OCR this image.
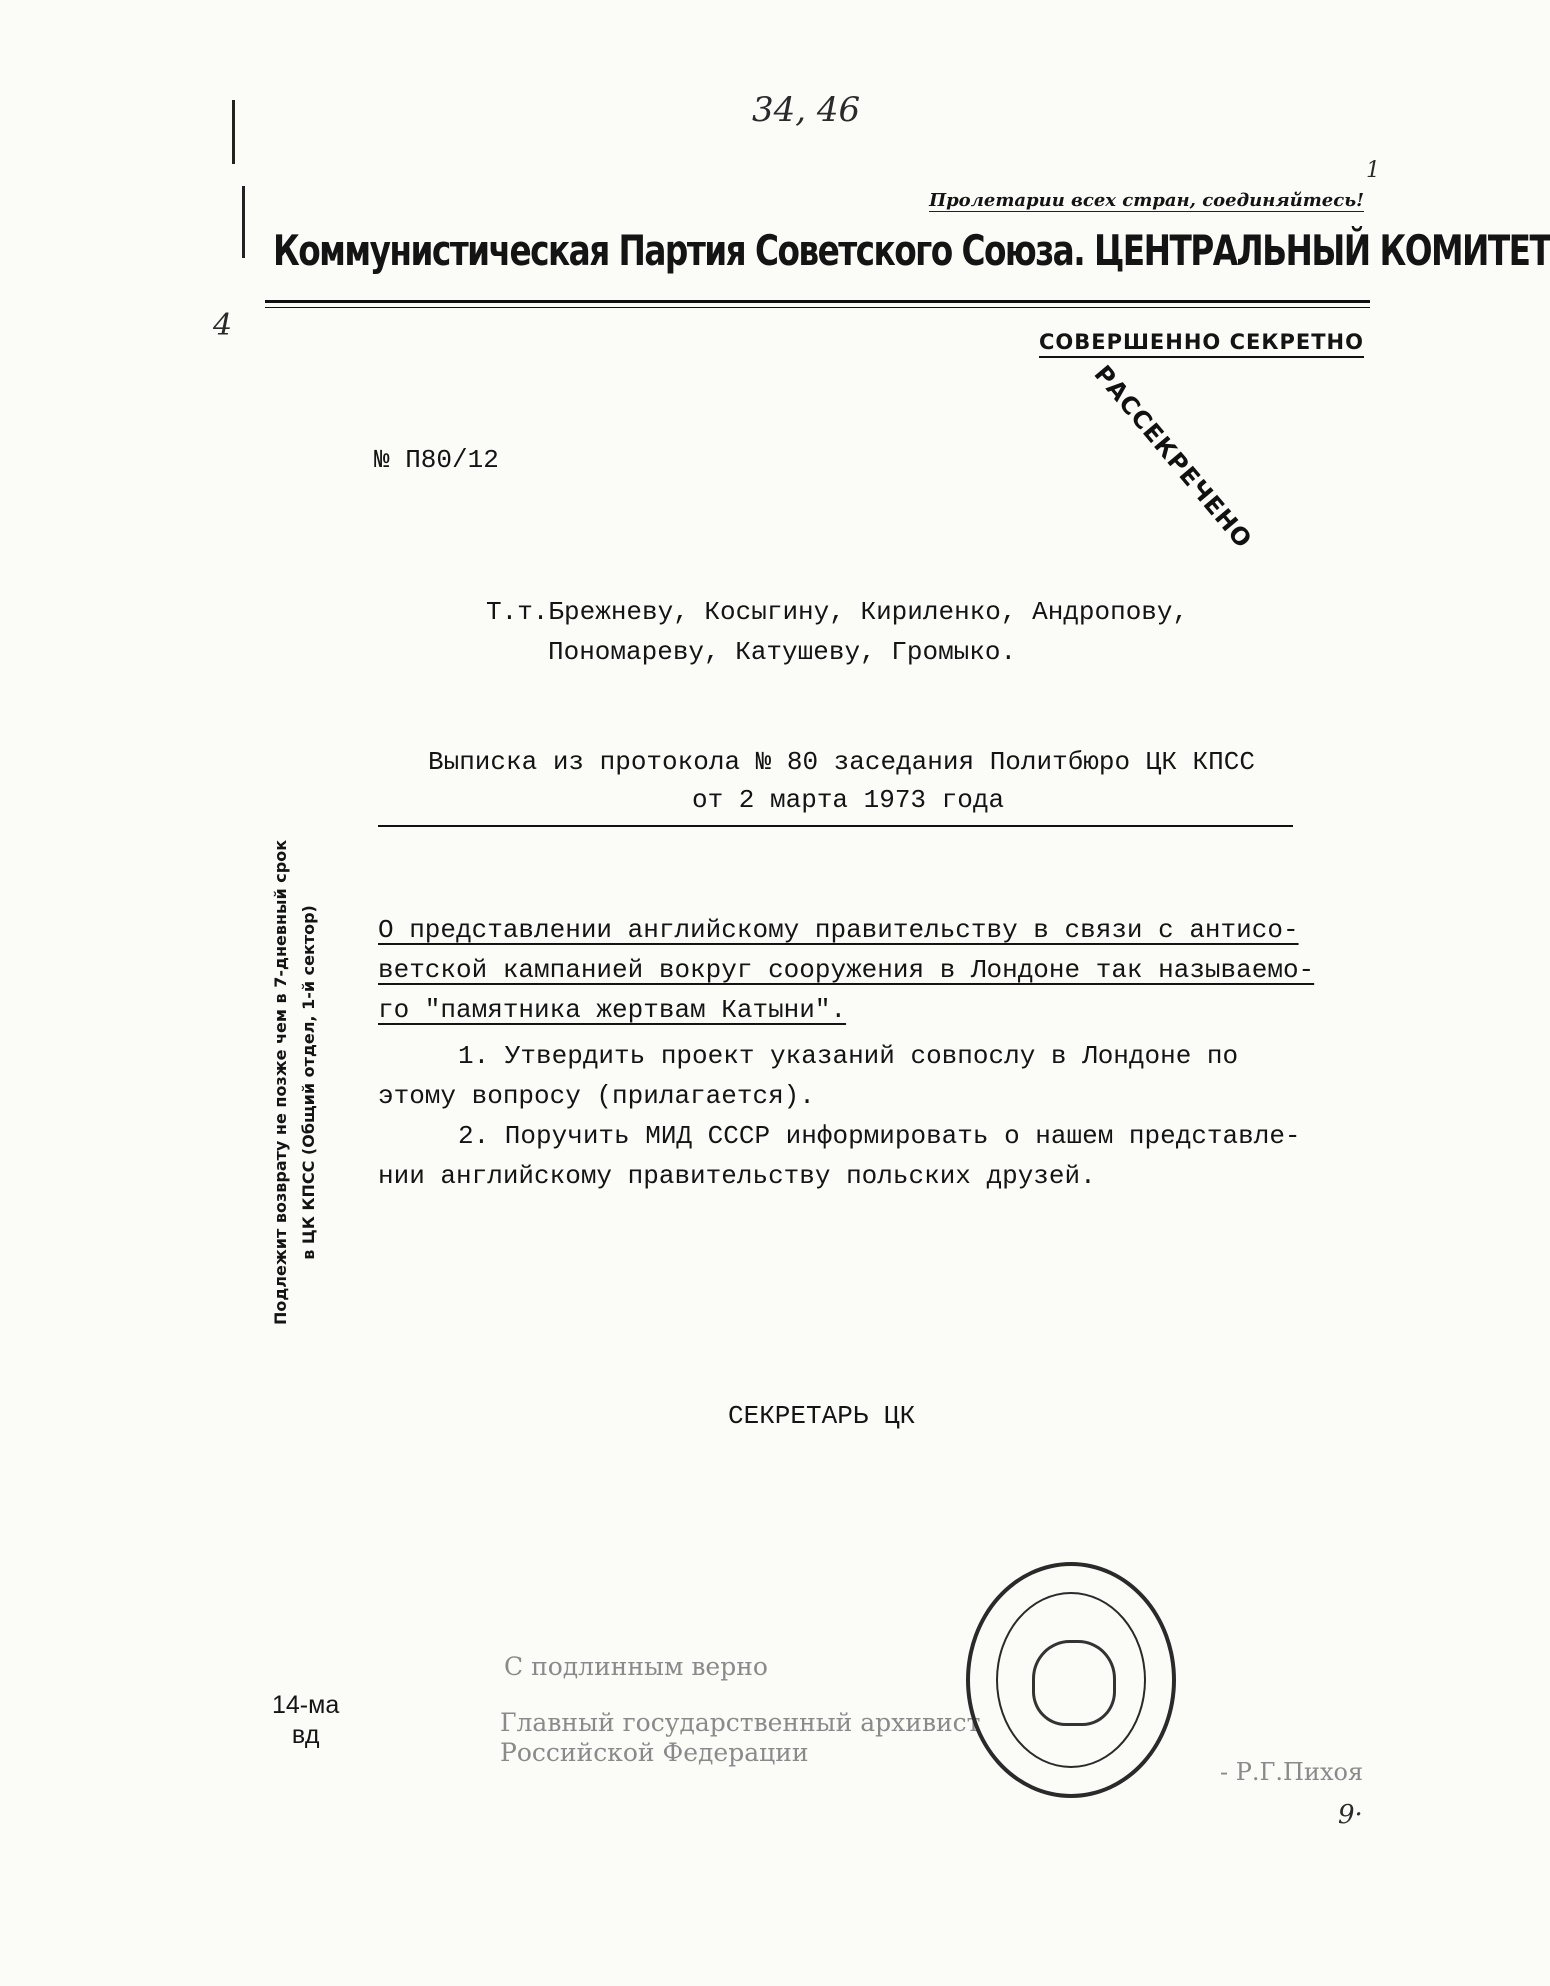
34, 46
1
4
Пролетарии всех стран, соединяйтесь!
Коммунистическая Партия Советского Союза. ЦЕНТРАЛЬНЫЙ КОМИТЕТ
СОВЕРШЕННО СЕКРЕТНО
РАССЕКРЕЧЕНО
№ П80/12
Т.т.Брежневу, Косыгину, Кириленко, Андропову,
Пономареву, Катушеву, Громыко.
Выписка из протокола № 80 заседания Политбюро ЦК КПСС
от 2 марта 1973 года
О представлении английскому правительству в связи с антисо-
ветской кампанией вокруг сооружения в Лондоне так называемо-
го "памятника жертвам Катыни".
1. Утвердить проект указаний совпослу в Лондоне по
этому вопросу (прилагается).
2. Поручить МИД СССР информировать о нашем представле-
нии английскому правительству польских друзей.
СЕКРЕТАРЬ ЦК
Подлежит возврату не позже чем в 7-дневный срок в ЦК КПСС (Общий отдел, 1-й сектор)
14-ма
вд
С подлинным верно
Главный государственный архивист
Российской Федерации
- Р.Г.Пихоя
9·
